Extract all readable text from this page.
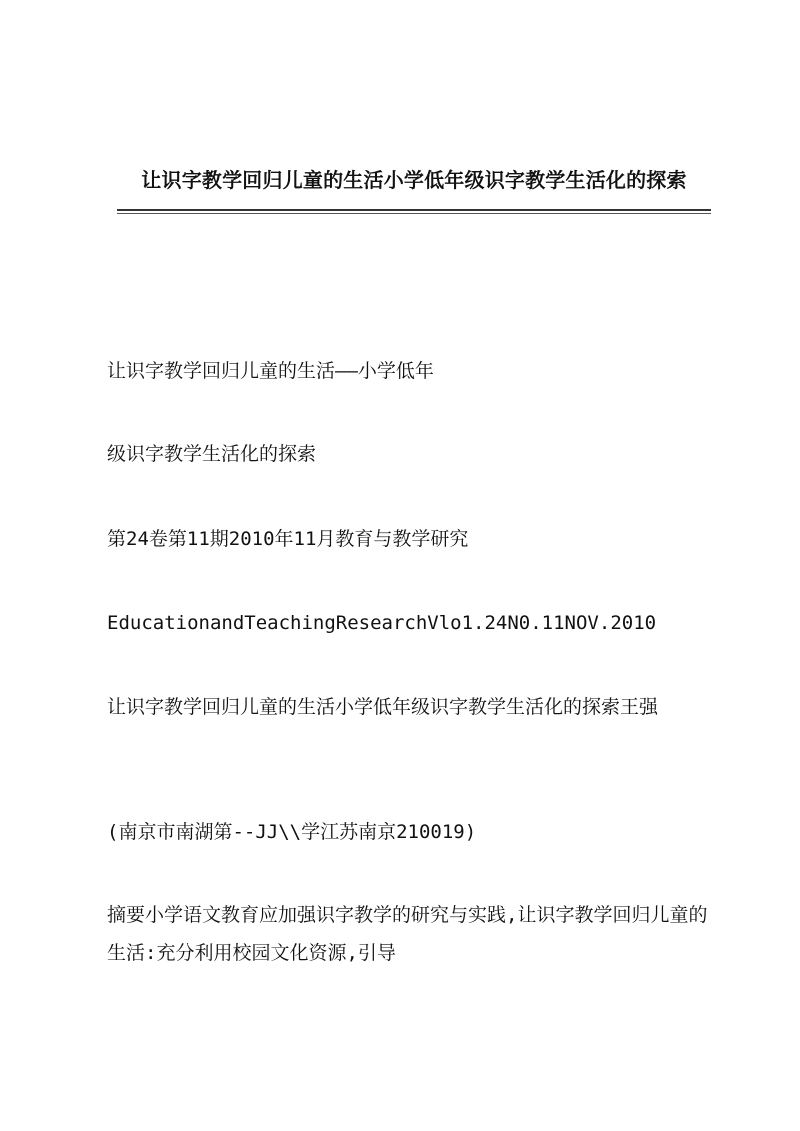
让识字教学回归儿童的生活小学低年级识字教学生活化的探索
让识字教学回归儿童的生活——小学低年
级识字教学生活化的探索
第24卷第11期2010年11月教育与教学研究
EducationandTeachingResearchVlo1.24N0.11NOV.2010
让识字教学回归儿童的生活小学低年级识字教学生活化的探索王强
(南京市南湖第--JJ\\学江苏南京210019)
摘要小学语文教育应加强识字教学的研究与实践,让识字教学回归儿童的生活:充分利用校园文化资源,引导
